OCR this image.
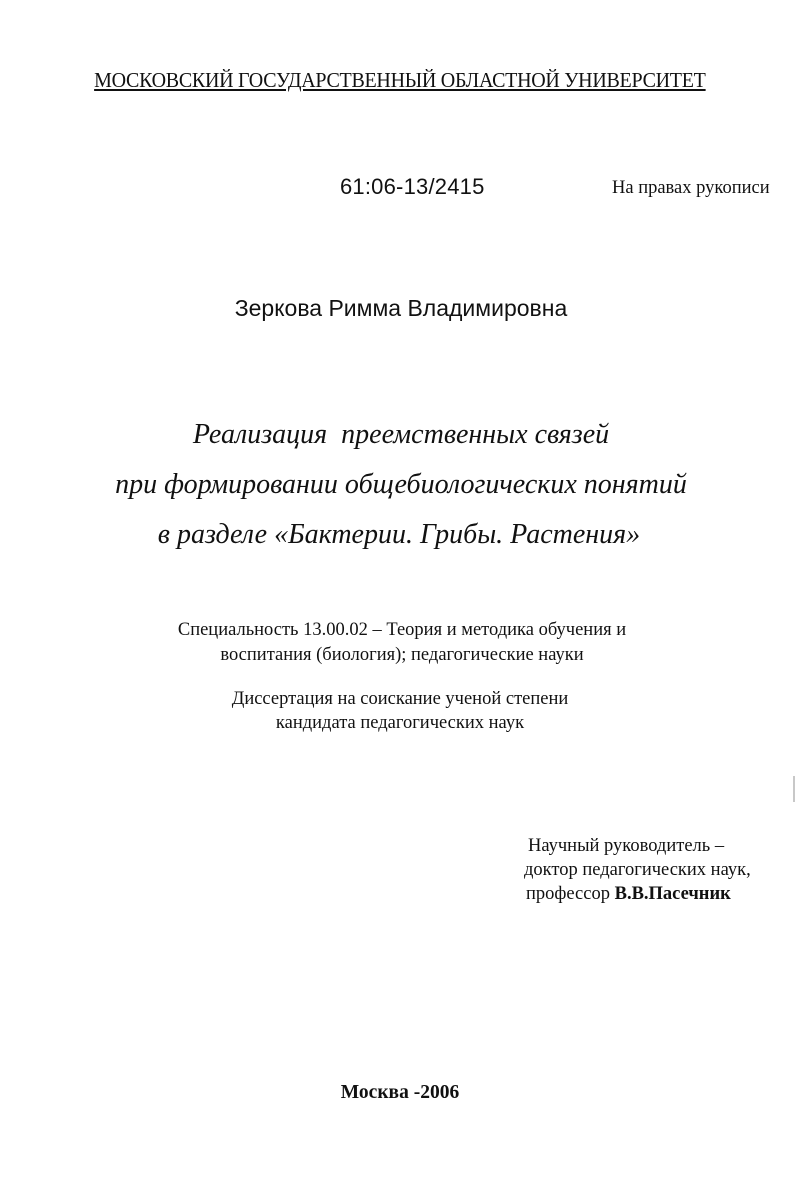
МОСКОВСКИЙ ГОСУДАРСТВЕННЫЙ ОБЛАСТНОЙ УНИВЕРСИТЕТ
61:06-13/2415	На правах рукописи
Зеркова Римма Владимировна
Реализация  преемственных связей
при формировании общебиологических понятий
в разделе «Бактерии. Грибы. Растения»
Специальность 13.00.02 – Теория и методика обучения и
воспитания (биология); педагогические науки
Диссертация на соискание ученой степени
кандидата педагогических наук
Научный руководитель –
доктор педагогических наук,
профессор В.В.Пасечник
Москва -2006
